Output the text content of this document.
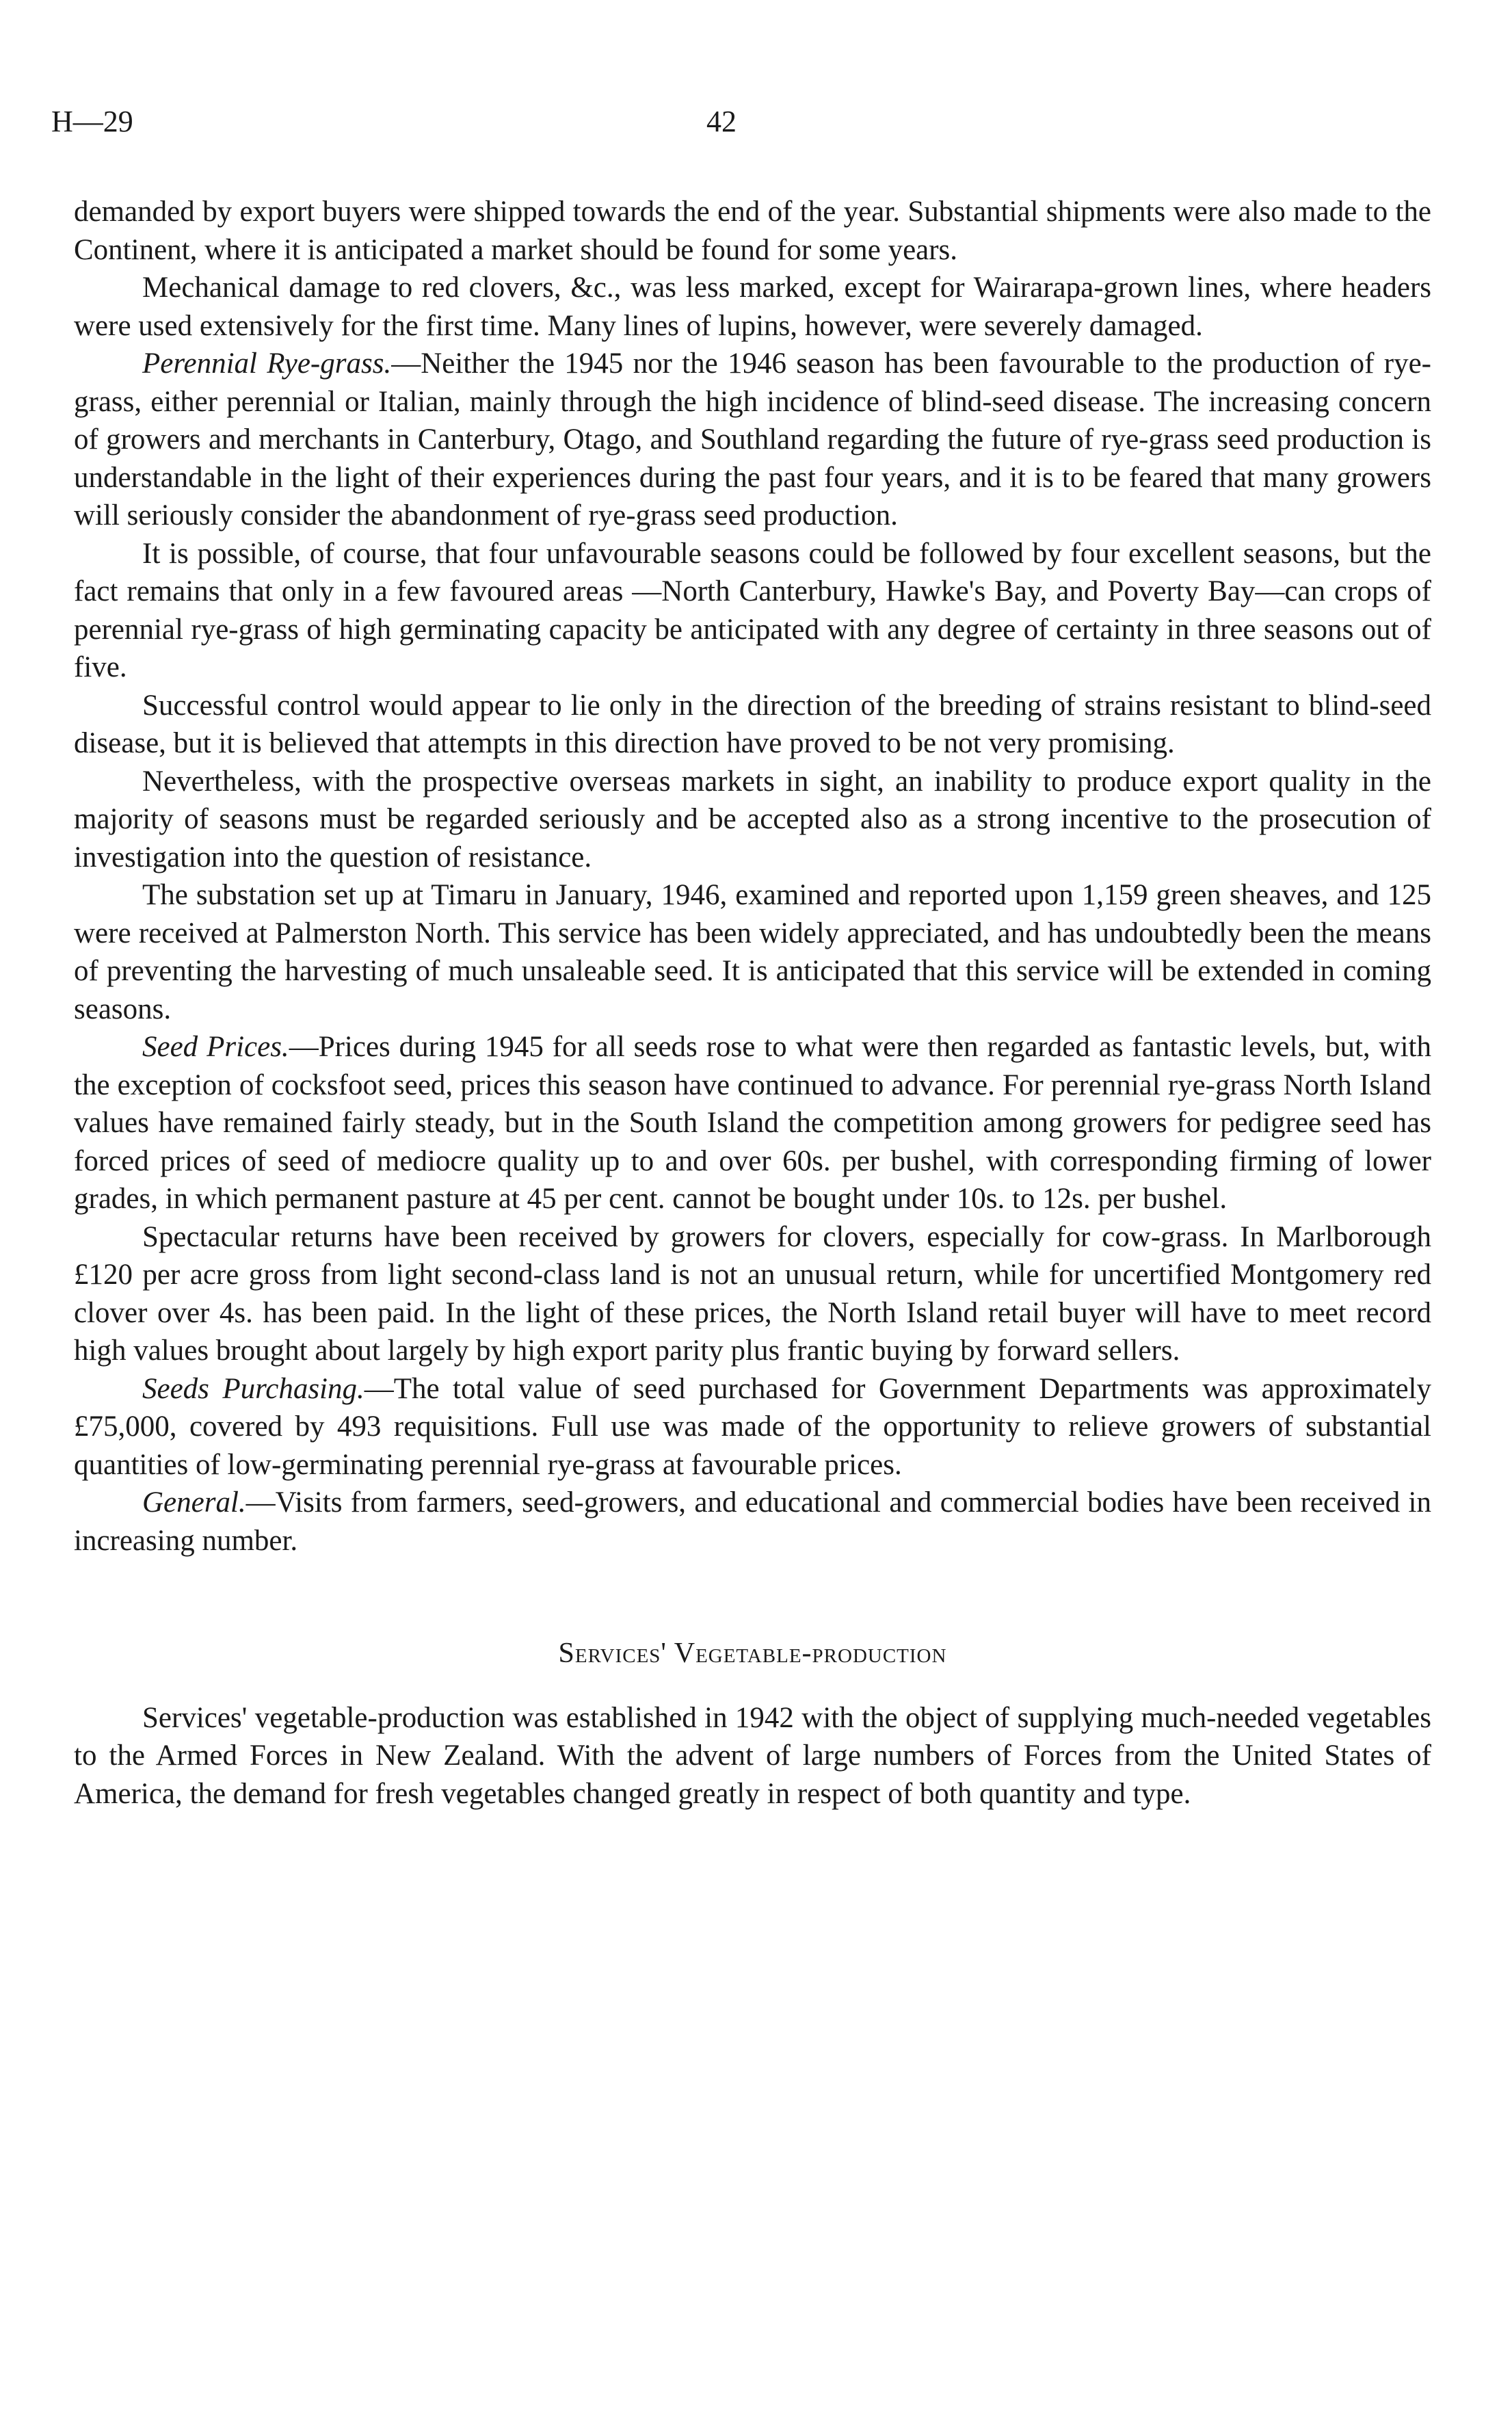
H—29	42

demanded by export buyers were shipped towards the end of the year. Substantial shipments were also made to the Continent, where it is anticipated a market should be found for some years.

Mechanical damage to red clovers, &c., was less marked, except for Wairarapa-grown lines, where headers were used extensively for the first time. Many lines of lupins, however, were severely damaged.

Perennial Rye-grass.—Neither the 1945 nor the 1946 season has been favourable to the production of rye-grass, either perennial or Italian, mainly through the high incidence of blind-seed disease. The increasing concern of growers and merchants in Canterbury, Otago, and Southland regarding the future of rye-grass seed production is understandable in the light of their experiences during the past four years, and it is to be feared that many growers will seriously consider the abandonment of rye-grass seed production.

It is possible, of course, that four unfavourable seasons could be followed by four excellent seasons, but the fact remains that only in a few favoured areas —North Canterbury, Hawke's Bay, and Poverty Bay—can crops of perennial rye-grass of high germinating capacity be anticipated with any degree of certainty in three seasons out of five.

Successful control would appear to lie only in the direction of the breeding of strains resistant to blind-seed disease, but it is believed that attempts in this direction have proved to be not very promising.

Nevertheless, with the prospective overseas markets in sight, an inability to produce export quality in the majority of seasons must be regarded seriously and be accepted also as a strong incentive to the prosecution of investigation into the question of resistance.

The substation set up at Timaru in January, 1946, examined and reported upon 1,159 green sheaves, and 125 were received at Palmerston North. This service has been widely appreciated, and has undoubtedly been the means of preventing the harvesting of much unsaleable seed. It is anticipated that this service will be extended in coming seasons.

Seed Prices.—Prices during 1945 for all seeds rose to what were then regarded as fantastic levels, but, with the exception of cocksfoot seed, prices this season have continued to advance. For perennial rye-grass North Island values have remained fairly steady, but in the South Island the competition among growers for pedigree seed has forced prices of seed of mediocre quality up to and over 60s. per bushel, with corresponding firming of lower grades, in which permanent pasture at 45 per cent. cannot be bought under 10s. to 12s. per bushel.

Spectacular returns have been received by growers for clovers, especially for cow-grass. In Marlborough £120 per acre gross from light second-class land is not an unusual return, while for uncertified Montgomery red clover over 4s. has been paid. In the light of these prices, the North Island retail buyer will have to meet record high values brought about largely by high export parity plus frantic buying by forward sellers.

Seeds Purchasing.—The total value of seed purchased for Government Departments was approximately £75,000, covered by 493 requisitions. Full use was made of the opportunity to relieve growers of substantial quantities of low-germinating perennial rye-grass at favourable prices.

General.—Visits from farmers, seed-growers, and educational and commercial bodies have been received in increasing number.

Services' Vegetable-production

Services' vegetable-production was established in 1942 with the object of supplying much-needed vegetables to the Armed Forces in New Zealand. With the advent of large numbers of Forces from the United States of America, the demand for fresh vegetables changed greatly in respect of both quantity and type.
